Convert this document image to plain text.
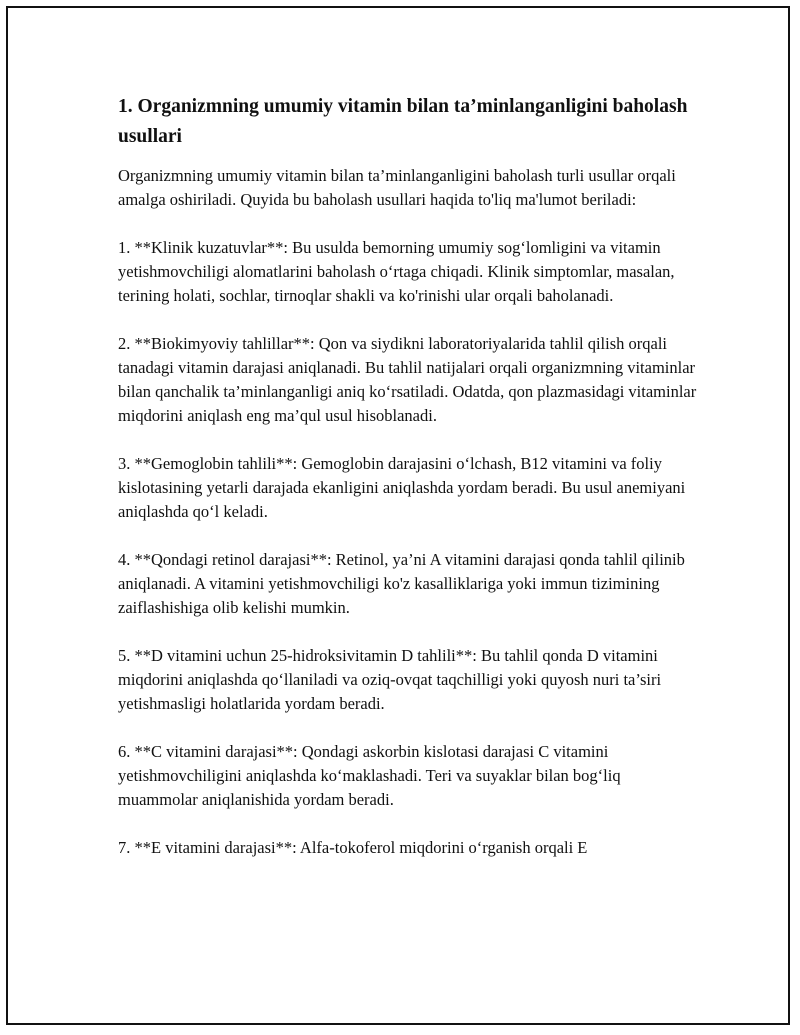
1. Organizmning umumiy vitamin bilan ta’minlanganligini baholash usullari

Organizmning umumiy vitamin bilan ta’minlanganligini baholash turli usullar orqali amalga oshiriladi. Quyida bu baholash usullari haqida to'liq ma'lumot beriladi:

1. **Klinik kuzatuvlar**: Bu usulda bemorning umumiy sog‘lomligini va vitamin yetishmovchiligi alomatlarini baholash o‘rtaga chiqadi. Klinik simptomlar, masalan, terining holati, sochlar, tirnoqlar shakli va ko'rinishi ular orqali baholanadi.

2. **Biokimyoviy tahlillar**: Qon va siydikni laboratoriyalarida tahlil qilish orqali tanadagi vitamin darajasi aniqlanadi. Bu tahlil natijalari orqali organizmning vitaminlar bilan qanchalik ta’minlanganligi aniq ko‘rsatiladi. Odatda, qon plazmasidagi vitaminlar miqdorini aniqlash eng ma’qul usul hisoblanadi.

3. **Gemoglobin tahlili**: Gemoglobin darajasini o‘lchash, B12 vitamini va foliy kislotasining yetarli darajada ekanligini aniqlashda yordam beradi. Bu usul anemiyani aniqlashda qo‘l keladi.

4. **Qondagi retinol darajasi**: Retinol, ya’ni A vitamini darajasi qonda tahlil qilinib aniqlanadi. A vitamini yetishmovchiligi ko'z kasalliklariga yoki immun tizimining zaiflashishiga olib kelishi mumkin.

5. **D vitamini uchun 25-hidroksivitamin D tahlili**: Bu tahlil qonda D vitamini miqdorini aniqlashda qo‘llaniladi va oziq-ovqat taqchilligi yoki quyosh nuri ta’siri yetishmasligi holatlarida yordam beradi.

6. **C vitamini darajasi**: Qondagi askorbin kislotasi darajasi C vitamini yetishmovchiligini aniqlashda ko‘maklashadi. Teri va suyaklar bilan bog‘liq muammolar aniqlanishida yordam beradi.

7. **E vitamini darajasi**: Alfa-tokoferol miqdorini o‘rganish orqali E
